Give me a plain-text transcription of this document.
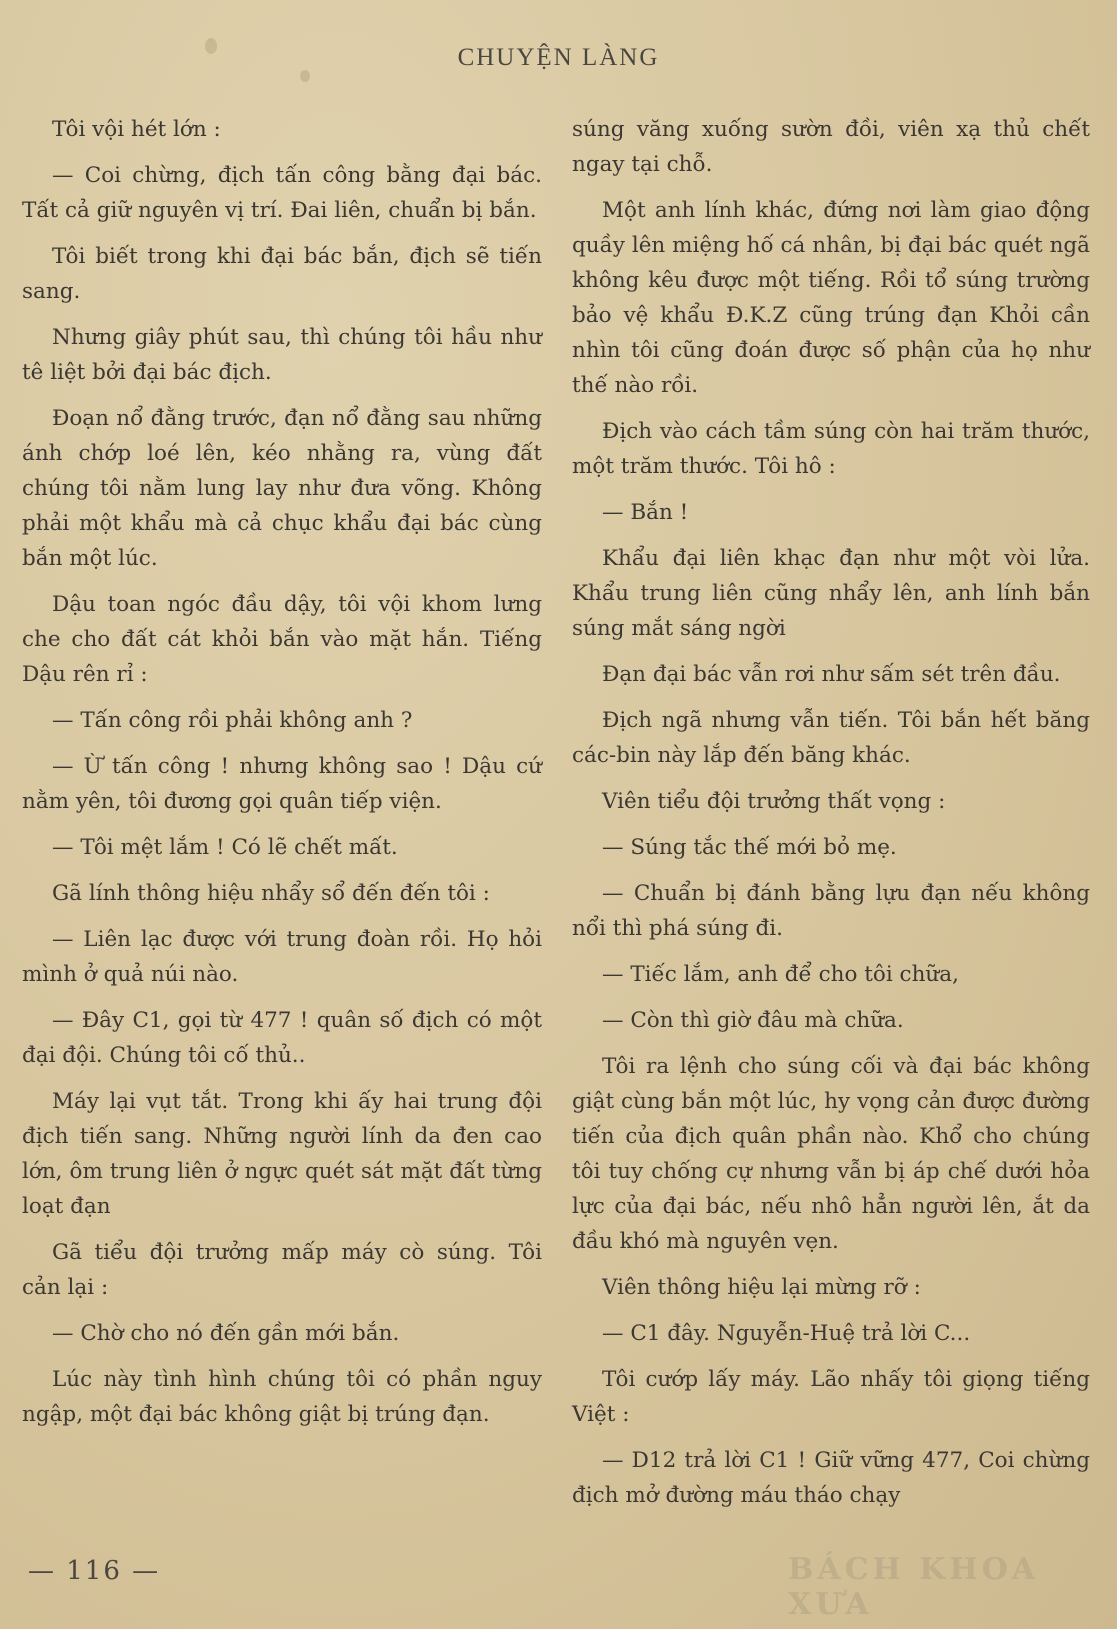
CHUYỆN LÀNG

Tôi vội hét lớn :

— Coi chừng, địch tấn công bằng đại bác. Tất cả giữ nguyên vị trí. Đai liên, chuẩn bị bắn.

Tôi biết trong khi đại bác bắn, địch sẽ tiến sang.

Nhưng giây phút sau, thì chúng tôi hầu như tê liệt bởi đại bác địch.

Đoạn nổ đằng trước, đạn nổ đằng sau những ánh chớp loé lên, kéo nhằng ra, vùng đất chúng tôi nằm lung lay như đưa võng. Không phải một khẩu mà cả chục khẩu đại bác cùng bắn một lúc.

Dậu toan ngóc đầu dậy, tôi vội khom lưng che cho đất cát khỏi bắn vào mặt hắn. Tiếng Dậu rên rỉ :

— Tấn công rồi phải không anh ?

— Ừ tấn công ! nhưng không sao ! Dậu cứ nằm yên, tôi đương gọi quân tiếp viện.

— Tôi mệt lắm ! Có lẽ chết mất.

Gã lính thông hiệu nhẩy sổ đến đến tôi :

— Liên lạc được với trung đoàn rồi. Họ hỏi mình ở quả núi nào.

— Đây C1, gọi từ 477 ! quân số địch có một đại đội. Chúng tôi cố thủ..

Máy lại vụt tắt. Trong khi ấy hai trung đội địch tiến sang. Những người lính da đen cao lớn, ôm trung liên ở ngực quét sát mặt đất từng loạt đạn

Gã tiểu đội trưởng mấp máy cò súng. Tôi cản lại :

— Chờ cho nó đến gần mới bắn.

Lúc này tình hình chúng tôi có phần nguy ngập, một đại bác không giật bị trúng đạn.

súng văng xuống sườn đồi, viên xạ thủ chết ngay tại chỗ.

Một anh lính khác, đứng nơi làm giao động quầy lên miệng hố cá nhân, bị đại bác quét ngã không kêu được một tiếng. Rồi tổ súng trường bảo vệ khẩu Đ.K.Z cũng trúng đạn Khỏi cần nhìn tôi cũng đoán được số phận của họ như thế nào rồi.

Địch vào cách tầm súng còn hai trăm thước, một trăm thước. Tôi hô :

— Bắn !

Khẩu đại liên khạc đạn như một vòi lửa. Khẩu trung liên cũng nhẩy lên, anh lính bắn súng mắt sáng ngời

Đạn đại bác vẫn rơi như sấm sét trên đầu.

Địch ngã nhưng vẫn tiến. Tôi bắn hết băng các-bin này lắp đến băng khác.

Viên tiểu đội trưởng thất vọng :

— Súng tắc thế mới bỏ mẹ.

— Chuẩn bị đánh bằng lựu đạn nếu không nổi thì phá súng đi.

— Tiếc lắm, anh để cho tôi chữa,

— Còn thì giờ đâu mà chữa.

Tôi ra lệnh cho súng cối và đại bác không giật cùng bắn một lúc, hy vọng cản được đường tiến của địch quân phần nào. Khổ cho chúng tôi tuy chống cự nhưng vẫn bị áp chế dưới hỏa lực của đại bác, nếu nhô hẳn người lên, ắt da đầu khó mà nguyên vẹn.

Viên thông hiệu lại mừng rỡ :

— C1 đây. Nguyễn-Huệ trả lời C...

Tôi cướp lấy máy. Lão nhấy tôi giọng tiếng Việt :

— D12 trả lời C1 ! Giữ vững 477, Coi chừng địch mở đường máu tháo chạy

— 116 —	BÁCH KHOA XƯA
